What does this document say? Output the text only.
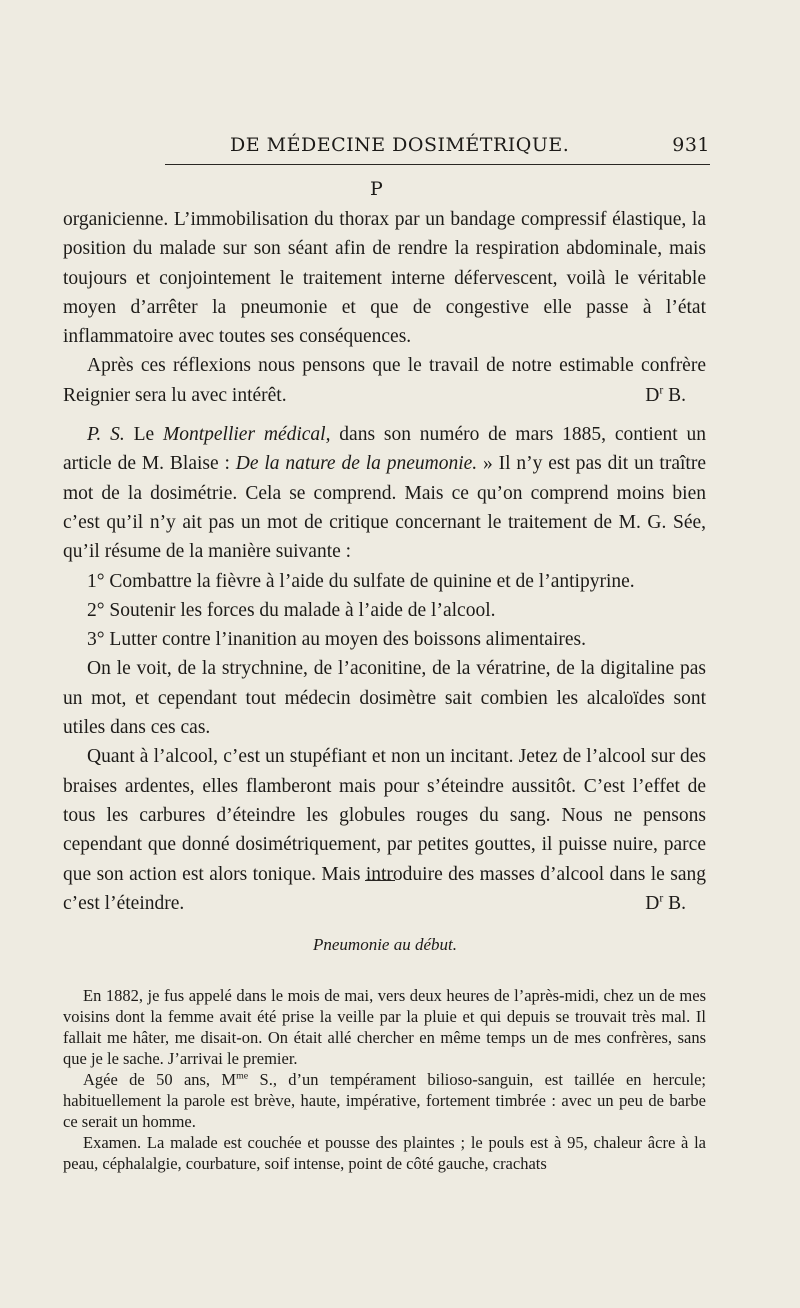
DE MÉDECINE DOSIMÉTRIQUE.	931
P

organicienne. L’immobilisation du thorax par un bandage compressif élastique, la position du malade sur son séant afin de rendre la respiration abdominale, mais toujours et conjointement le traitement interne défervescent, voilà le véritable moyen d’arrêter la pneumonie et que de congestive elle passe à l’état inflammatoire avec toutes ses conséquences.

Après ces réflexions nous pensons que le travail de notre estimable confrère Reignier sera lu avec intérêt.	$D^r$ B.

P. S. Le Montpellier médical, dans son numéro de mars 1885, contient un article de M. Blaise : De la nature de la pneumonie. » Il n’y est pas dit un traître mot de la dosimétrie. Cela se comprend. Mais ce qu’on comprend moins bien c’est qu’il n’y ait pas un mot de critique concernant le traitement de M. G. Sée, qu’il résume de la manière suivante :

1° Combattre la fièvre à l’aide du sulfate de quinine et de l’antipyrine.

2° Soutenir les forces du malade à l’aide de l’alcool.

3° Lutter contre l’inanition au moyen des boissons alimentaires.

On le voit, de la strychnine, de l’aconitine, de la vératrine, de la digitaline pas un mot, et cependant tout médecin dosimètre sait combien les alcaloïdes sont utiles dans ces cas.

Quant à l’alcool, c’est un stupéfiant et non un incitant. Jetez de l’alcool sur des braises ardentes, elles flamberont mais pour s’éteindre aussitôt. C’est l’effet de tous les carbures d’éteindre les globules rouges du sang. Nous ne pensons cependant que donné dosimétriquement, par petites gouttes, il puisse nuire, parce que son action est alors tonique. Mais introduire des masses d’alcool dans le sang c’est l’éteindre.	$D^r$ B.

Pneumonie au début.

En 1882, je fus appelé dans le mois de mai, vers deux heures de l’après-midi, chez un de mes voisins dont la femme avait été prise la veille par la pluie et qui depuis se trouvait très mal. Il fallait me hâter, me disait-on. On était allé chercher en même temps un de mes confrères, sans que je le sache. J’arrivai le premier.

Agée de 50 ans, $M^{me}$ S., d’un tempérament bilioso-sanguin, est taillée en hercule; habituellement la parole est brève, haute, impérative, fortement timbrée : avec un peu de barbe ce serait un homme.

Examen. La malade est couchée et pousse des plaintes ; le pouls est à 95, chaleur âcre à la peau, céphalalgie, courbature, soif intense, point de côté gauche, crachats
